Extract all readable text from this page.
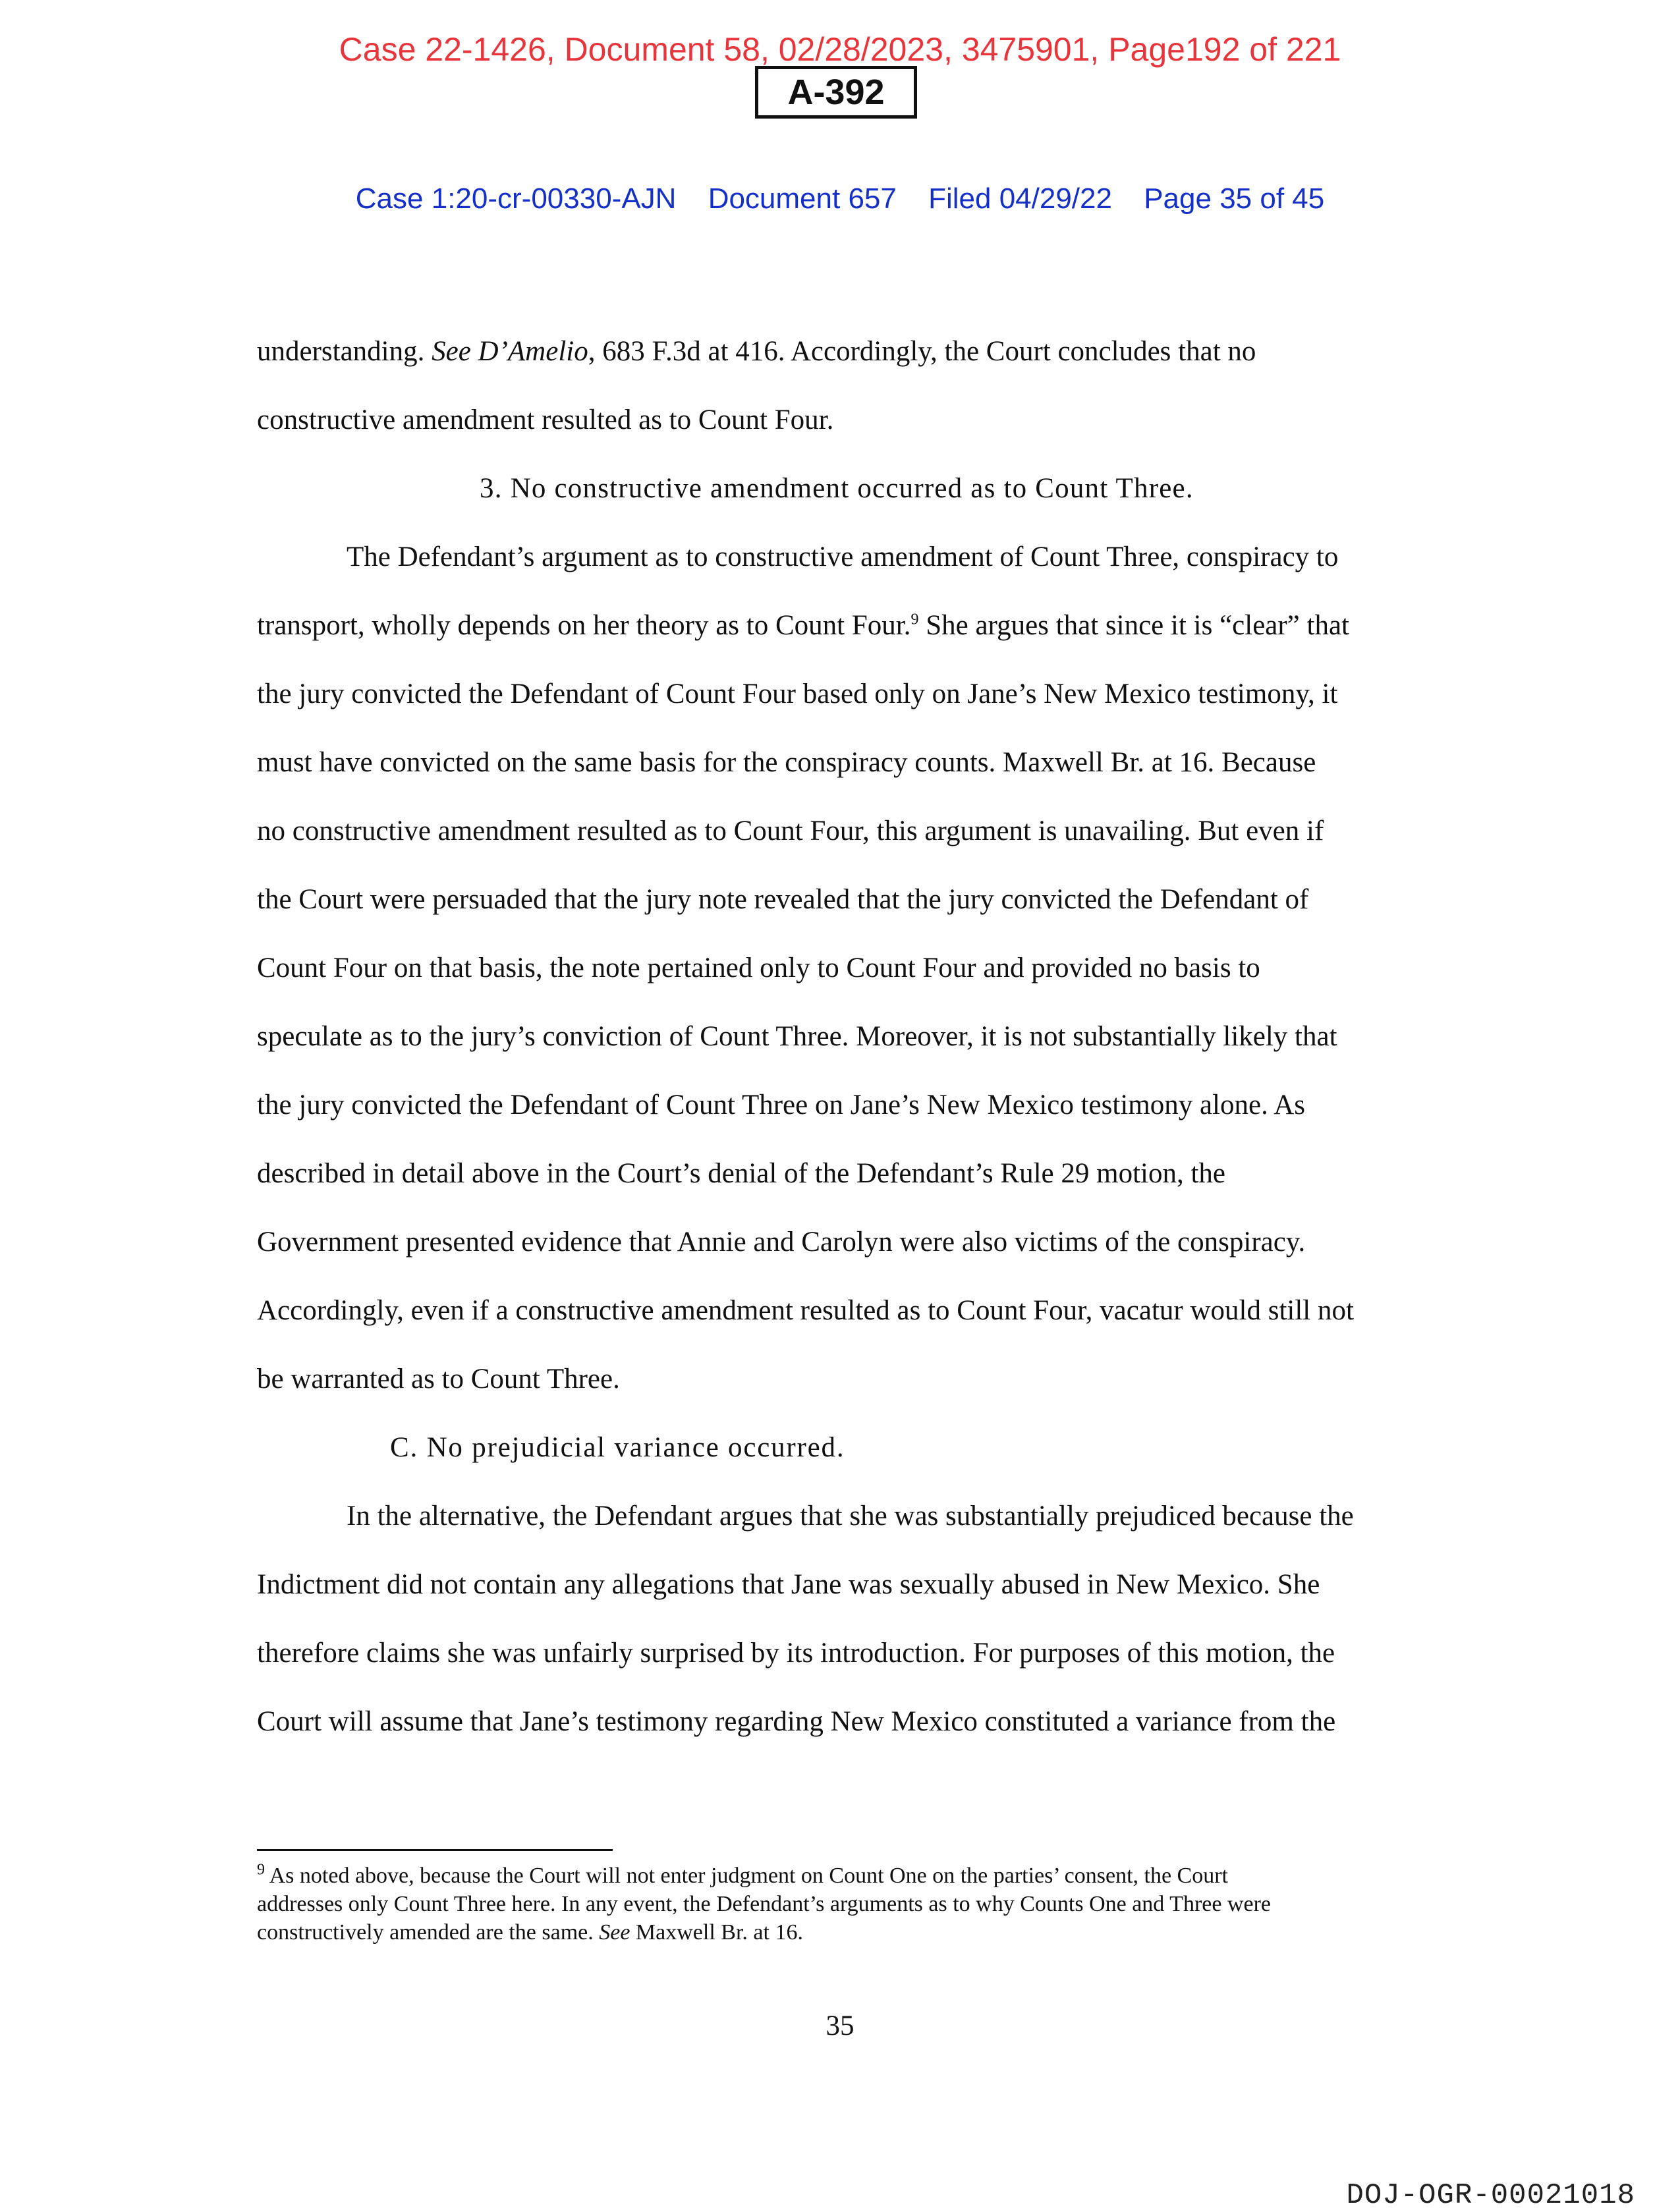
Case 22-1426, Document 58, 02/28/2023, 3475901, Page192 of 221
A-392
Case 1:20-cr-00330-AJN Document 657 Filed 04/29/22 Page 35 of 45
understanding. See D’Amelio, 683 F.3d at 416. Accordingly, the Court concludes that no
constructive amendment resulted as to Count Four.
3. No constructive amendment occurred as to Count Three.
The Defendant’s argument as to constructive amendment of Count Three, conspiracy to
transport, wholly depends on her theory as to Count Four.$^9$ She argues that since it is “clear” that
the jury convicted the Defendant of Count Four based only on Jane’s New Mexico testimony, it
must have convicted on the same basis for the conspiracy counts. Maxwell Br. at 16. Because
no constructive amendment resulted as to Count Four, this argument is unavailing. But even if
the Court were persuaded that the jury note revealed that the jury convicted the Defendant of
Count Four on that basis, the note pertained only to Count Four and provided no basis to
speculate as to the jury’s conviction of Count Three. Moreover, it is not substantially likely that
the jury convicted the Defendant of Count Three on Jane’s New Mexico testimony alone. As
described in detail above in the Court’s denial of the Defendant’s Rule 29 motion, the
Government presented evidence that Annie and Carolyn were also victims of the conspiracy.
Accordingly, even if a constructive amendment resulted as to Count Four, vacatur would still not
be warranted as to Count Three.
C. No prejudicial variance occurred.
In the alternative, the Defendant argues that she was substantially prejudiced because the
Indictment did not contain any allegations that Jane was sexually abused in New Mexico. She
therefore claims she was unfairly surprised by its introduction. For purposes of this motion, the
Court will assume that Jane’s testimony regarding New Mexico constituted a variance from the
$^9$ As noted above, because the Court will not enter judgment on Count One on the parties’ consent, the Court
addresses only Count Three here. In any event, the Defendant’s arguments as to why Counts One and Three were
constructively amended are the same. See Maxwell Br. at 16.
35
DOJ-OGR-00021018
